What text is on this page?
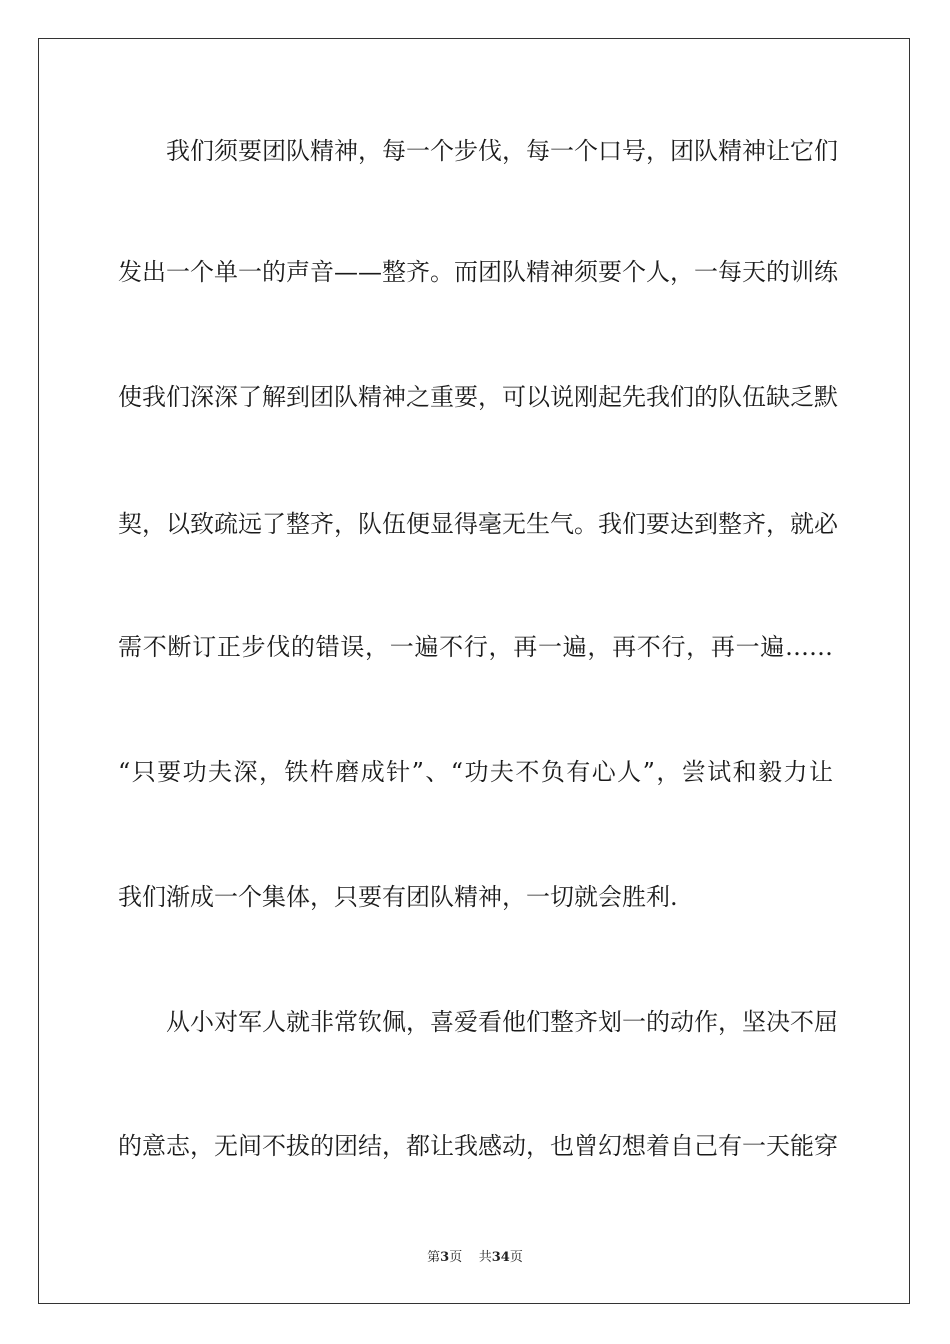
我们须要团队精神，每一个步伐，每一个口号，团队精神让它们
发出一个单一的声音——整齐。而团队精神须要个人，一每天的训练
使我们深深了解到团队精神之重要，可以说刚起先我们的队伍缺乏默
契，以致疏远了整齐，队伍便显得毫无生气。我们要达到整齐，就必
需不断订正步伐的错误，一遍不行，再一遍，再不行，再一遍……
“只要功夫深，铁杵磨成针”、“功夫不负有心人”，尝试和毅力让
我们渐成一个集体，只要有团队精神，一切就会胜利.
从小对军人就非常钦佩，喜爱看他们整齐划一的动作，坚决不屈
的意志，无间不拔的团结，都让我感动，也曾幻想着自己有一天能穿
第3页 共34页
